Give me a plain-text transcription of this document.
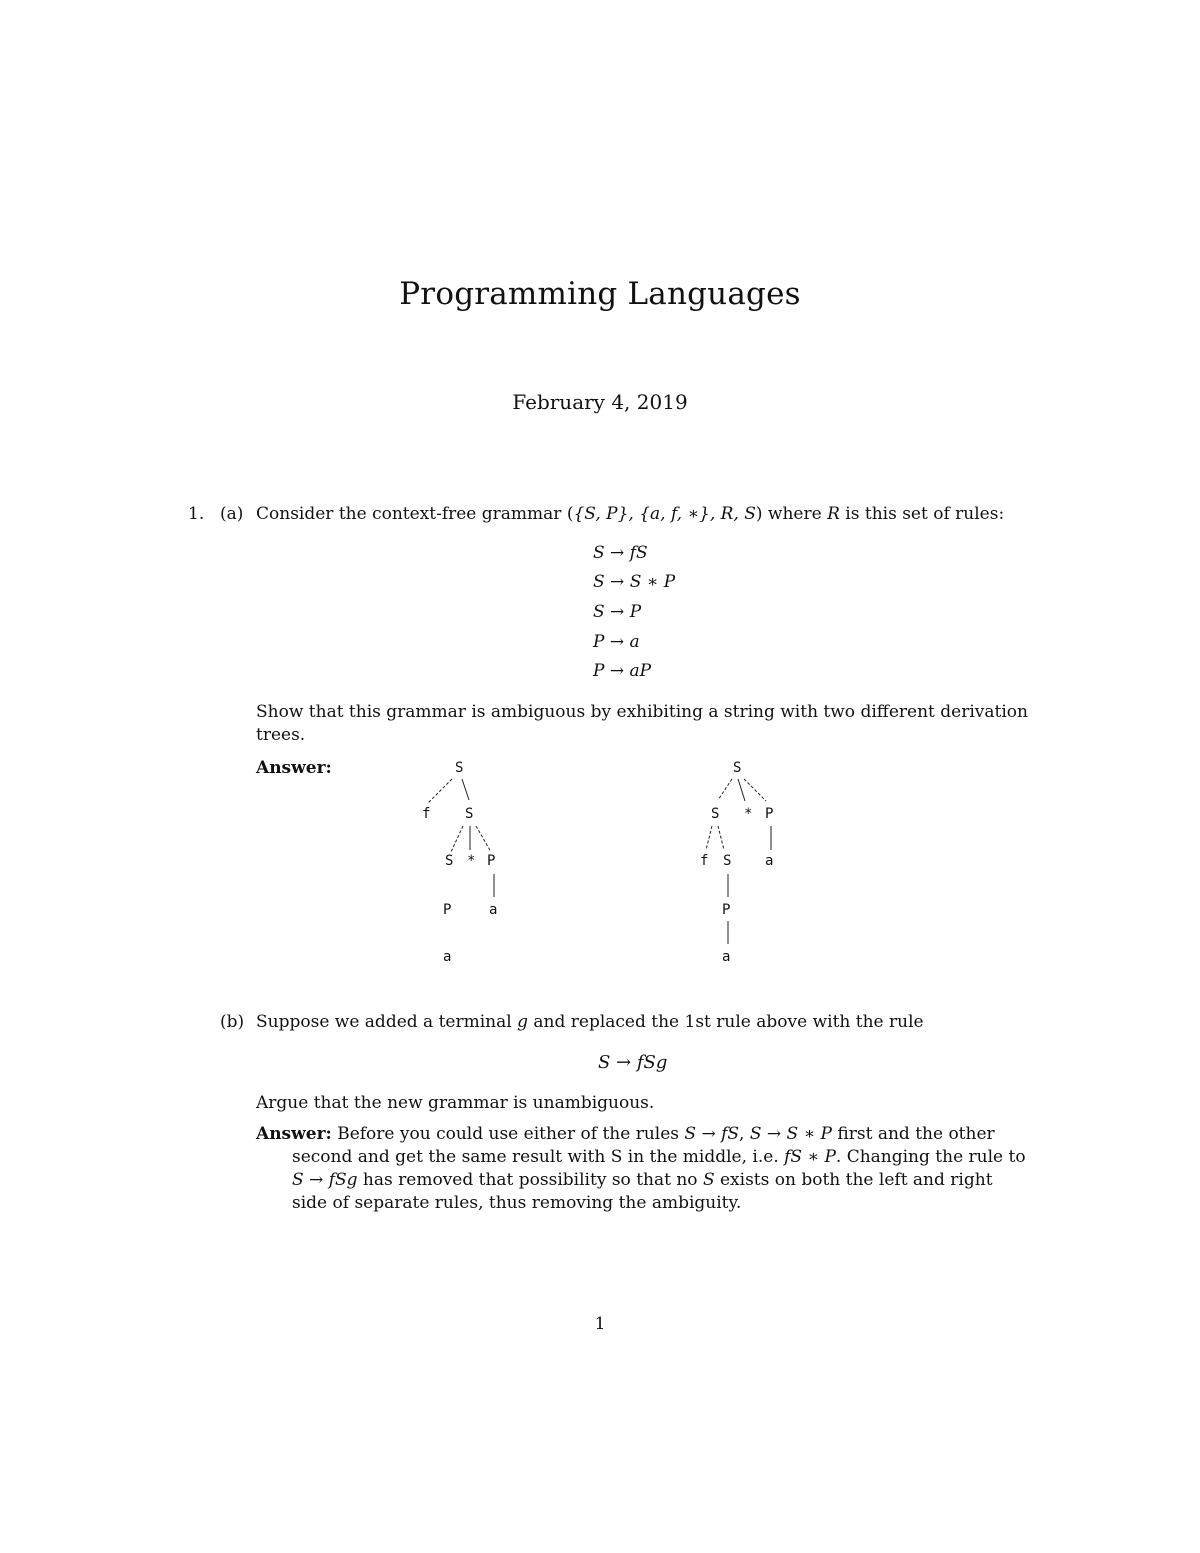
Programming Languages
February 4, 2019
1. (a) Consider the context-free grammar ({S, P}, {a, f, ∗}, R, S) where R is this set of rules:
S → fS
S → S ∗ P
S → P
P → a
P → aP
Show that this grammar is ambiguous by exhibiting a string with two different derivation
trees.
Answer:	S
f S
S * P
P	a
a
S
S * P
f S a
P
a
(b) Suppose we added a terminal g and replaced the 1st rule above with the rule
S → fSg
Argue that the new grammar is unambiguous.
Answer: Before you could use either of the rules S → fS, S → S ∗ P first and the other
second and get the same result with S in the middle, i.e. fS ∗ P. Changing the rule to
S → fSg has removed that possibility so that no S exists on both the left and right
side of separate rules, thus removing the ambiguity.
1
